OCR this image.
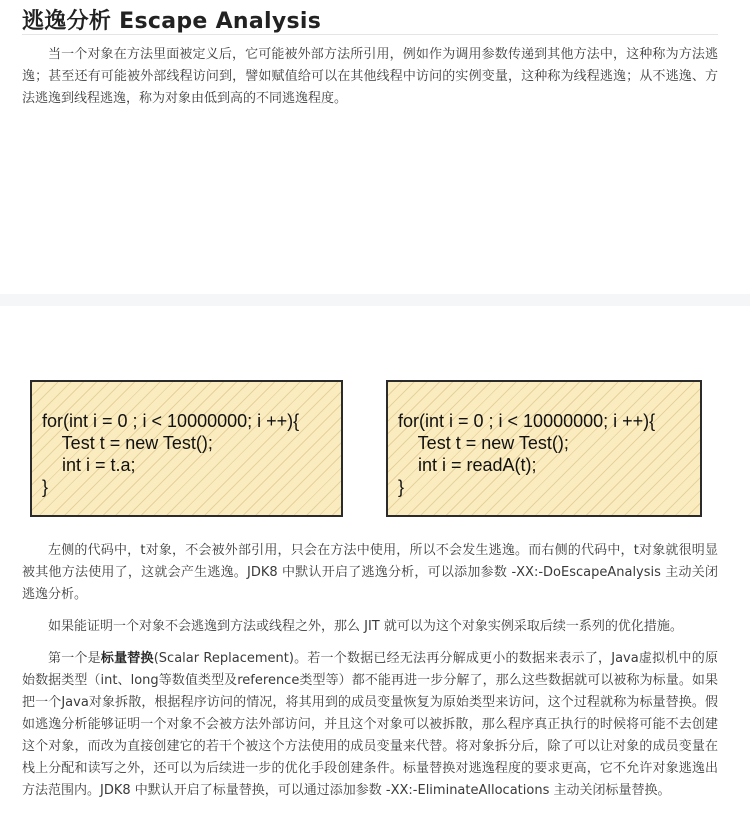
逃逸分析 Escape Analysis

当一个对象在方法里面被定义后，它可能被外部方法所引用，例如作为调用参数传递到其他方法中，这种称为方法逃逸；甚至还有可能被外部线程访问到，譬如赋值给可以在其他线程中访问的实例变量，这种称为线程逃逸；从不逃逸、方法逃逸到线程逃逸，称为对象由低到高的不同逃逸程度。

for(int i = 0 ; i < 10000000; i ++){
Test t = new Test();
int i = t.a;
}
for(int i = 0 ; i < 10000000; i ++){
Test t = new Test();
int i = readA(t);
}

左侧的代码中，t对象，不会被外部引用，只会在方法中使用，所以不会发生逃逸。而右侧的代码中，t对象就很明显被其他方法使用了，这就会产生逃逸。JDK8 中默认开启了逃逸分析，可以添加参数 -XX:-DoEscapeAnalysis 主动关闭逃逸分析。

如果能证明一个对象不会逃逸到方法或线程之外，那么 JIT 就可以为这个对象实例采取后续一系列的优化措施。

第一个是标量替换(Scalar Replacement)。若一个数据已经无法再分解成更小的数据来表示了，Java虚拟机中的原始数据类型（int、long等数值类型及reference类型等）都不能再进一步分解了，那么这些数据就可以被称为标量。如果把一个Java对象拆散，根据程序访问的情况，将其用到的成员变量恢复为原始类型来访问，这个过程就称为标量替换。假如逃逸分析能够证明一个对象不会被方法外部访问，并且这个对象可以被拆散，那么程序真正执行的时候将可能不去创建这个对象，而改为直接创建它的若干个被这个方法使用的成员变量来代替。将对象拆分后，除了可以让对象的成员变量在栈上分配和读写之外，还可以为后续进一步的优化手段创建条件。标量替换对逃逸程度的要求更高，它不允许对象逃逸出方法范围内。JDK8 中默认开启了标量替换，可以通过添加参数 -XX:-EliminateAllocations 主动关闭标量替换。
